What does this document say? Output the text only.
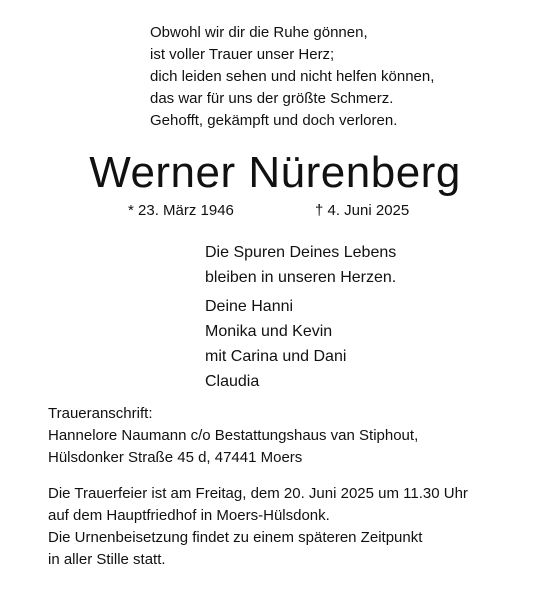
Obwohl wir dir die Ruhe gönnen,
ist voller Trauer unser Herz;
dich leiden sehen und nicht helfen können,
das war für uns der größte Schmerz.
Gehofft, gekämpft und doch verloren.
Werner Nürenberg
* 23. März 1946	† 4. Juni 2025
Die Spuren Deines Lebens
bleiben in unseren Herzen.
Deine Hanni
Monika und Kevin
mit Carina und Dani
Claudia
Traueranschrift:
Hannelore Naumann c/o Bestattungshaus van Stiphout,
Hülsdonker Straße 45 d, 47441 Moers
Die Trauerfeier ist am Freitag, dem 20. Juni 2025 um 11.30 Uhr
auf dem Hauptfriedhof in Moers-Hülsdonk.
Die Urnenbeisetzung findet zu einem späteren Zeitpunkt
in aller Stille statt.
